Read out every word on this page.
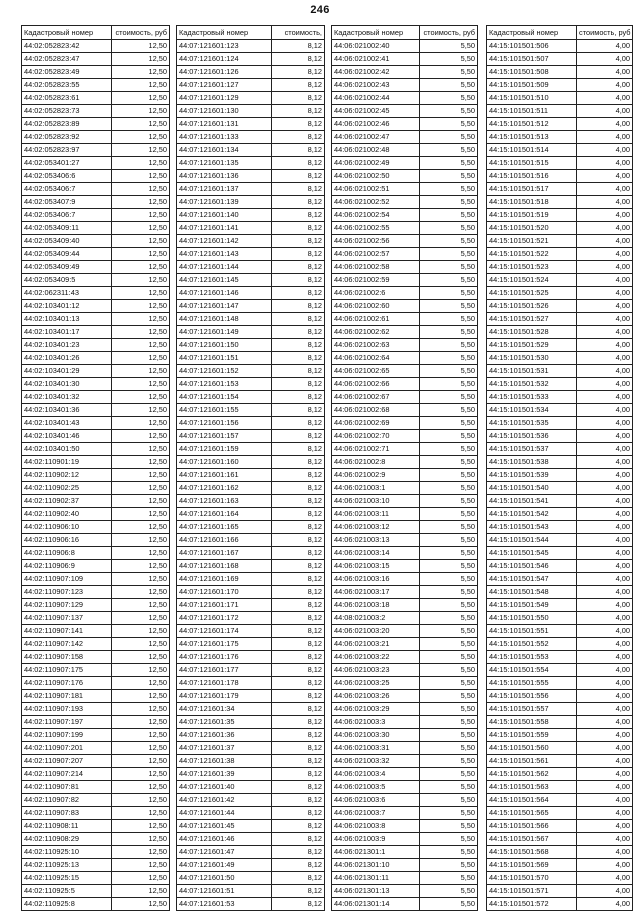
246
Кадастровый номер	стоимость, руб
44:02:052823:42	12,50
44:02:052823:47	12,50
44:02:052823:49	12,50
44:02:052823:55	12,50
44:02:052823:61	12,50
44:02:052823:73	12,50
44:02:052823:89	12,50
44:02:052823:92	12,50
44:02:052823:97	12,50
44:02:053401:27	12,50
44:02:053406:6	12,50
44:02:053406:7	12,50
44:02:053407:9	12,50
44:02:053406:7	12,50
44:02:053409:11	12,50
44:02:053409:40	12,50
44:02:053409:44	12,50
44:02:053409:49	12,50
44:02:053409:5	12,50
44:02:062311:43	12,50
44:02:103401:12	12,50
44:02:103401:13	12,50
44:02:103401:17	12,50
44:02:103401:23	12,50
44:02:103401:26	12,50
44:02:103401:29	12,50
44:02:103401:30	12,50
44:02:103401:32	12,50
44:02:103401:36	12,50
44:02:103401:43	12,50
44:02:103401:46	12,50
44:02:103401:50	12,50
44:02:110901:19	12,50
44:02:110902:12	12,50
44:02:110902:25	12,50
44:02:110902:37	12,50
44:02:110902:40	12,50
44:02:110906:10	12,50
44:02:110906:16	12,50
44:02:110906:8	12,50
44:02:110906:9	12,50
44:02:110907:109	12,50
44:02:110907:123	12,50
44:02:110907:129	12,50
44:02:110907:137	12,50
44:02:110907:141	12,50
44:02:110907:142	12,50
44:02:110907:158	12,50
44:02:110907:175	12,50
44:02:110907:176	12,50
44:02:110907:181	12,50
44:02:110907:193	12,50
44:02:110907:197	12,50
44:02:110907:199	12,50
44:02:110907:201	12,50
44:02:110907:207	12,50
44:02:110907:214	12,50
44:02:110907:81	12,50
44:02:110907:82	12,50
44:02:110907:83	12,50
44:02:110908:11	12,50
44:02:110908:29	12,50
44:02:110925:10	12,50
44:02:110925:13	12,50
44:02:110925:15	12,50
44:02:110925:5	12,50
44:02:110925:8	12,50
Кадастровый номер	стоимость,
44:07:121601:123	8,12
44:07:121601:124	8,12
44:07:121601:126	8,12
44:07:121601:127	8,12
44:07:121601:129	8,12
44:07:121601:130	8,12
44:07:121601:131	8,12
44:07:121601:133	8,12
44:07:121601:134	8,12
44:07:121601:135	8,12
44:07:121601:136	8,12
44:07:121601:137	8,12
44:07:121601:139	8,12
44:07:121601:140	8,12
44:07:121601:141	8,12
44:07:121601:142	8,12
44:07:121601:143	8,12
44:07:121601:144	8,12
44:07:121601:145	8,12
44:07:121601:146	8,12
44:07:121601:147	8,12
44:07:121601:148	8,12
44:07:121601:149	8,12
44:07:121601:150	8,12
44:07:121601:151	8,12
44:07:121601:152	8,12
44:07:121601:153	8,12
44:07:121601:154	8,12
44:07:121601:155	8,12
44:07:121601:156	8,12
44:07:121601:157	8,12
44:07:121601:159	8,12
44:07:121601:160	8,12
44:07:121601:161	8,12
44:07:121601:162	8,12
44:07:121601:163	8,12
44:07:121601:164	8,12
44:07:121601:165	8,12
44:07:121601:166	8,12
44:07:121601:167	8,12
44:07:121601:168	8,12
44:07:121601:169	8,12
44:07:121601:170	8,12
44:07:121601:171	8,12
44:07:121601:172	8,12
44:07:121601:174	8,12
44:07:121601:175	8,12
44:07:121601:176	8,12
44:07:121601:177	8,12
44:07:121601:178	8,12
44:07:121601:179	8,12
44:07:121601:34	8,12
44:07:121601:35	8,12
44:07:121601:36	8,12
44:07:121601:37	8,12
44:07:121601:38	8,12
44:07:121601:39	8,12
44:07:121601:40	8,12
44:07:121601:42	8,12
44:07:121601:44	8,12
44:07:121601:45	8,12
44:07:121601:46	8,12
44:07:121601:47	8,12
44:07:121601:49	8,12
44:07:121601:50	8,12
44:07:121601:51	8,12
44:07:121601:53	8,12
Кадастровый номер	стоимость, руб
44:06:021002:40	5,50
44:06:021002:41	5,50
44:06:021002:42	5,50
44:06:021002:43	5,50
44:06:021002:44	5,50
44:06:021002:45	5,50
44:06:021002:46	5,50
44:06:021002:47	5,50
44:06:021002:48	5,50
44:06:021002:49	5,50
44:06:021002:50	5,50
44:06:021002:51	5,50
44:06:021002:52	5,50
44:06:021002:54	5,50
44:06:021002:55	5,50
44:06:021002:56	5,50
44:06:021002:57	5,50
44:06:021002:58	5,50
44:06:021002:59	5,50
44:06:021002:6	5,50
44:06:021002:60	5,50
44:06:021002:61	5,50
44:06:021002:62	5,50
44:06:021002:63	5,50
44:06:021002:64	5,50
44:06:021002:65	5,50
44:06:021002:66	5,50
44:06:021002:67	5,50
44:06:021002:68	5,50
44:06:021002:69	5,50
44:06:021002:70	5,50
44:06:021002:71	5,50
44:06:021002:8	5,50
44:06:021002:9	5,50
44:06:021003:1	5,50
44:06:021003:10	5,50
44:06:021003:11	5,50
44:06:021003:12	5,50
44:06:021003:13	5,50
44:06:021003:14	5,50
44:06:021003:15	5,50
44:06:021003:16	5,50
44:06:021003:17	5,50
44:06:021003:18	5,50
44:08:021003:2	5,50
44:06:021003:20	5,50
44:06:021003:21	5,50
44:06:021003:22	5,50
44:06:021003:23	5,50
44:06:021003:25	5,50
44:06:021003:26	5,50
44:06:021003:29	5,50
44:06:021003:3	5,50
44:06:021003:30	5,50
44:06:021003:31	5,50
44:06:021003:32	5,50
44:06:021003:4	5,50
44:06:021003:5	5,50
44:06:021003:6	5,50
44:06:021003:7	5,50
44:06:021003:8	5,50
44:06:021003:9	5,50
44:06:021301:1	5,50
44:06:021301:10	5,50
44:06:021301:11	5,50
44:06:021301:13	5,50
44:06:021301:14	5,50
Кадастровый номер	стоимость, руб
44:15:101501:506	4,00
44:15:101501:507	4,00
44:15:101501:508	4,00
44:15:101501:509	4,00
44:15:101501:510	4,00
44:15:101501:511	4,00
44:15:101501:512	4,00
44:15:101501:513	4,00
44:15:101501:514	4,00
44:15:101501:515	4,00
44:15:101501:516	4,00
44:15:101501:517	4,00
44:15:101501:518	4,00
44:15:101501:519	4,00
44:15:101501:520	4,00
44:15:101501:521	4,00
44:15:101501:522	4,00
44:15:101501:523	4,00
44:15:101501:524	4,00
44:15:101501:525	4,00
44:15:101501:526	4,00
44:15:101501:527	4,00
44:15:101501:528	4,00
44:15:101501:529	4,00
44:15:101501:530	4,00
44:15:101501:531	4,00
44:15:101501:532	4,00
44:15:101501:533	4,00
44:15:101501:534	4,00
44:15:101501:535	4,00
44:15:101501:536	4,00
44:15:101501:537	4,00
44:15:101501:538	4,00
44:15:101501:539	4,00
44:15:101501:540	4,00
44:15:101501:541	4,00
44:15:101501:542	4,00
44:15:101501:543	4,00
44:15:101501:544	4,00
44:15:101501:545	4,00
44:15:101501:546	4,00
44:15:101501:547	4,00
44:15:101501:548	4,00
44:15:101501:549	4,00
44:15:101501:550	4,00
44:15:101501:551	4,00
44:15:101501:552	4,00
44:15:101501:553	4,00
44:15:101501:554	4,00
44:15:101501:555	4,00
44:15:101501:556	4,00
44:15:101501:557	4,00
44:15:101501:558	4,00
44:15:101501:559	4,00
44:15:101501:560	4,00
44:15:101501:561	4,00
44:15:101501:562	4,00
44:15:101501:563	4,00
44:15:101501:564	4,00
44:15:101501:565	4,00
44:15:101501:566	4,00
44:15:101501:567	4,00
44:15:101501:568	4,00
44:15:101501:569	4,00
44:15:101501:570	4,00
44:15:101501:571	4,00
44:15:101501:572	4,00
